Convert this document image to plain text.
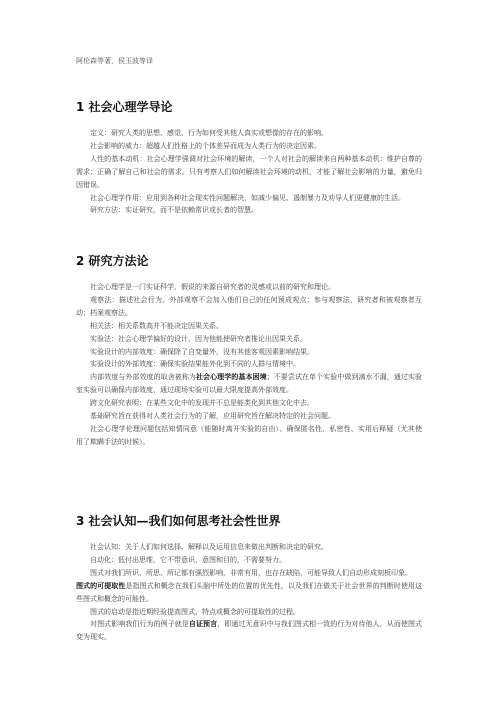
阿伦森等著，侯玉波等译
1 社会心理学导论

定义：研究人类的思想、感觉、行为如何受其他人真实或想像的存在的影响。

社会影响的威力：超越人们性格上的个体差异而成为人类行为的决定因素。

人性的基本动机：社会心理学强调对社会环境的解读，一个人对社会的解读来自两种基本动机：维护自尊的需求；正确了解自己和社会的需求。只有考察人们如何解读社会环境的动机，才能了解社会影响的力量，避免归因错误。

社会心理学作用：应用到各种社会现实性问题解决，如减少偏见、遏制暴力及劝导人们更健康的生活。

研究方法：实证研究，而不是依赖常识或长者的智慧。

2 研究方法论

社会心理学是一门实证科学，假说的来源自研究者的灵感或以前的研究和理论。

观察法：描述社会行为。外部观察不会加入他们自己的任何预成观点；参与观察法，研究者和被观察者互动；档案观察法。

相关法：相关系数高并不能决定因果关系。

实验法：社会心理学偏好的设计，因为他能使研究者推论出因果关系。

实验设计的内部效度：确保除了自变量外，没有其他客观因素影响结果。

实验设计的外部效度：确保实验结果能外化到不同的人群与情境中。

内部效度与外部效度的取舍被称为社会心理学的基本困境；不要尝试在单个实验中做到滴水不漏，通过实验室实验可以确保内部效度，通过现场实验可以最大限度提高外部效度。

跨文化研究表明：在某些文化中的发现并不总是能类化到其他文化中去。

基础研究旨在获得对人类社会行为的了解，应用研究旨在解决特定的社会问题。

社会心理学伦理问题包括知情同意（能随时离开实验的自由）、确保匿名性、私密性、实用后释疑（尤其使用了欺瞒手法的时候）。

3 社会认知—我们如何思考社会性世界

社会认知：关于人们如何选择、解释以及运用信息来做出判断和决定的研究。

自动化：低付出思维，它不带意识、意图和目的，不需要努力。

图式对我们所识、所思、所记都有强烈影响，非常有用，也存在缺陷，可能导致人们自动形成刻板印象。

图式的可提取性是指图式和概念在我们头脑中所处的位置的优先性，以及我们在做关于社会世界的判断时使用这些图式和概念的可能性。

图式的启动是指近期经验提高图式、特点或概念的可提取性的过程。

对图式影响我们行为的例子就是自证预言，即通过无意识中与我们图式相一致的行为对待他人，从而使图式变为现实。
